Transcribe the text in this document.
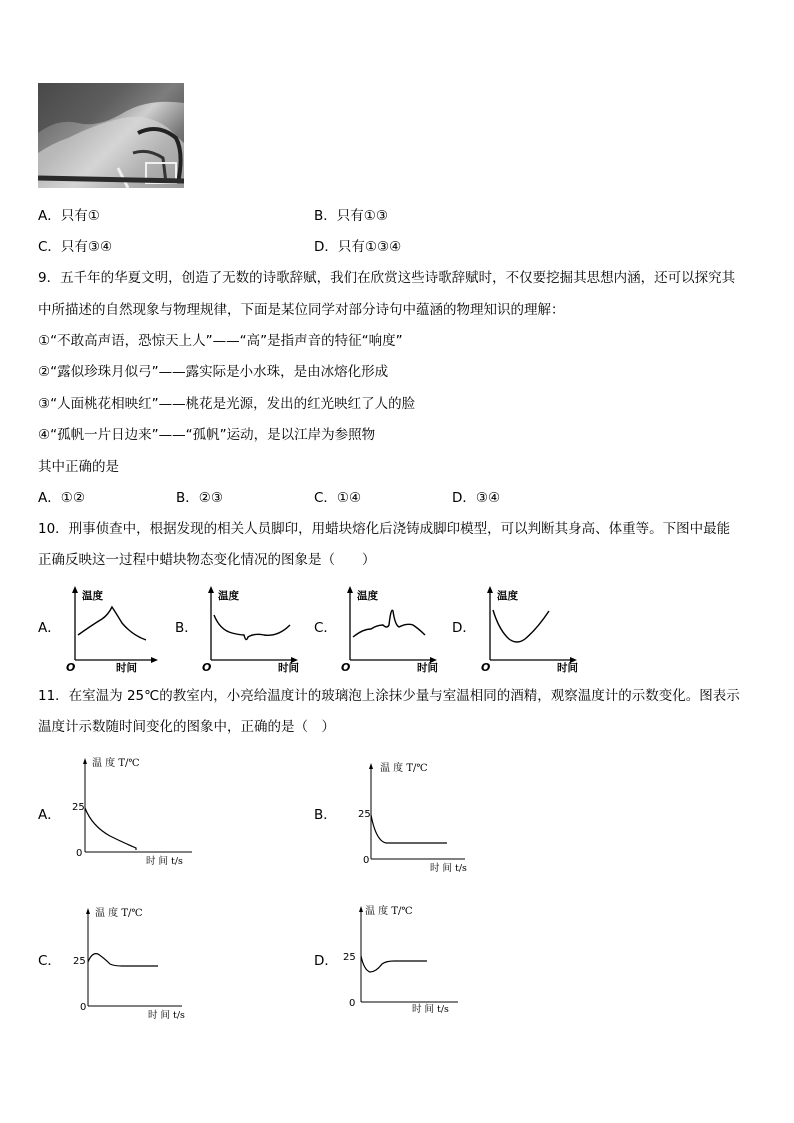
A．只有①	B．只有①③
C．只有③④	D．只有①③④
9．五千年的华夏文明，创造了无数的诗歌辞赋，我们在欣赏这些诗歌辞赋时，不仅要挖掘其思想内涵，还可以探究其
中所描述的自然现象与物理规律，下面是某位同学对部分诗句中蕴涵的物理知识的理解：
①“不敢高声语，恐惊天上人”——“高”是指声音的特征“响度”
②“露似珍珠月似弓”——露实际是小水珠，是由冰熔化形成
③“人面桃花相映红”——桃花是光源，发出的红光映红了人的脸
④“孤帆一片日边来”——“孤帆”运动，是以江岸为参照物
其中正确的是
A．①②	B．②③	C．①④	D．③④
10．刑事侦查中，根据发现的相关人员脚印，用蜡块熔化后浇铸成脚印模型，可以判断其身高、体重等。下图中最能
正确反映这一过程中蜡块物态变化情况的图象是（　　）
A．
温度
时间
O
B．
温度
时间
O
C．
温度
时间
O
D．
温度
时间
O
11．在室温为 25℃的教室内，小亮给温度计的玻璃泡上涂抹少量与室温相同的酒精，观察温度计的示数变化。图表示
温度计示数随时间变化的图象中，正确的是（　）
A．
温 度 T/℃
时 间 t/s
25
0
B．
温 度 T/℃
时 间 t/s
25
0
C．
温 度 T/℃
时 间 t/s
25
0
D．
温 度 T/℃
时 间 t/s
25
0
